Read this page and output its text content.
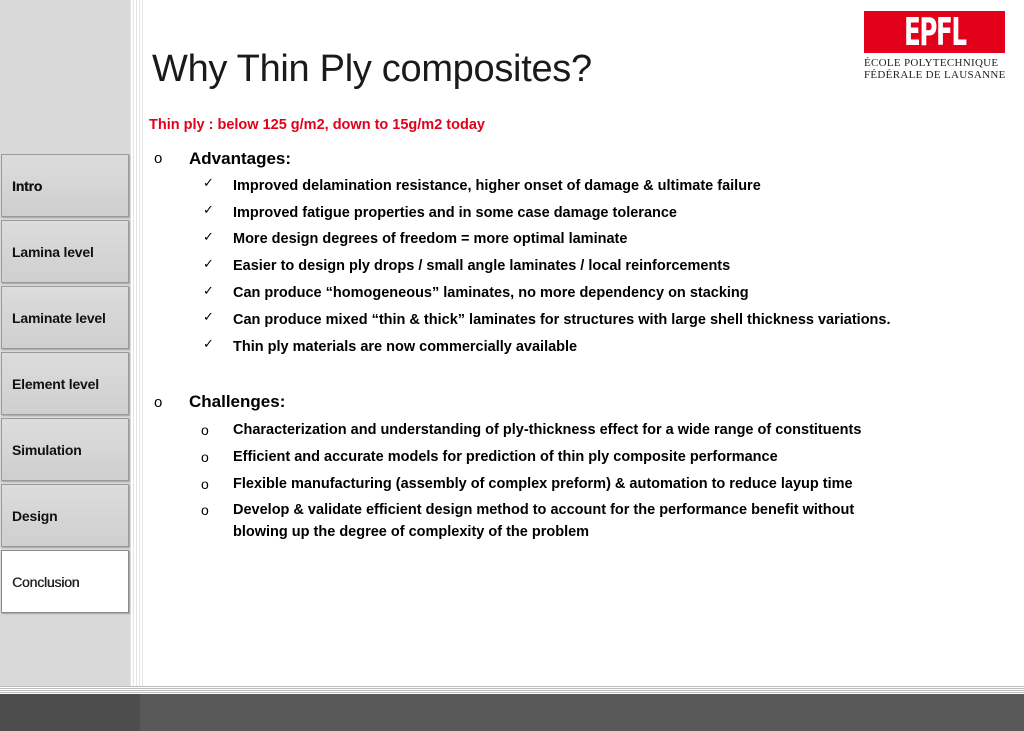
Intro
Lamina level
Laminate level
Element level
Simulation
Design
Conclusion
EPFL
ÉCOLE POLYTECHNIQUE
FÉDÉRALE DE LAUSANNE
Why Thin Ply composites?
Thin ply : below 125 g/m2, down to 15g/m2 today
o Advantages:
✓ Improved delamination resistance, higher onset of damage & ultimate failure
✓ Improved fatigue properties and in some case damage tolerance
✓ More design degrees of freedom = more optimal laminate
✓ Easier to design ply drops / small angle laminates / local reinforcements
✓ Can produce “homogeneous” laminates, no more dependency on stacking
✓ Can produce mixed “thin & thick” laminates for structures with large shell thickness variations.
✓ Thin ply materials are now commercially available
o Challenges:
o Characterization and understanding of ply-thickness effect for a wide range of constituents
o Efficient and accurate models for prediction of thin ply composite performance
o Flexible manufacturing (assembly of complex preform) & automation to reduce layup time
o Develop & validate efficient design method to account for the performance benefit without
blowing up the degree of complexity of the problem
